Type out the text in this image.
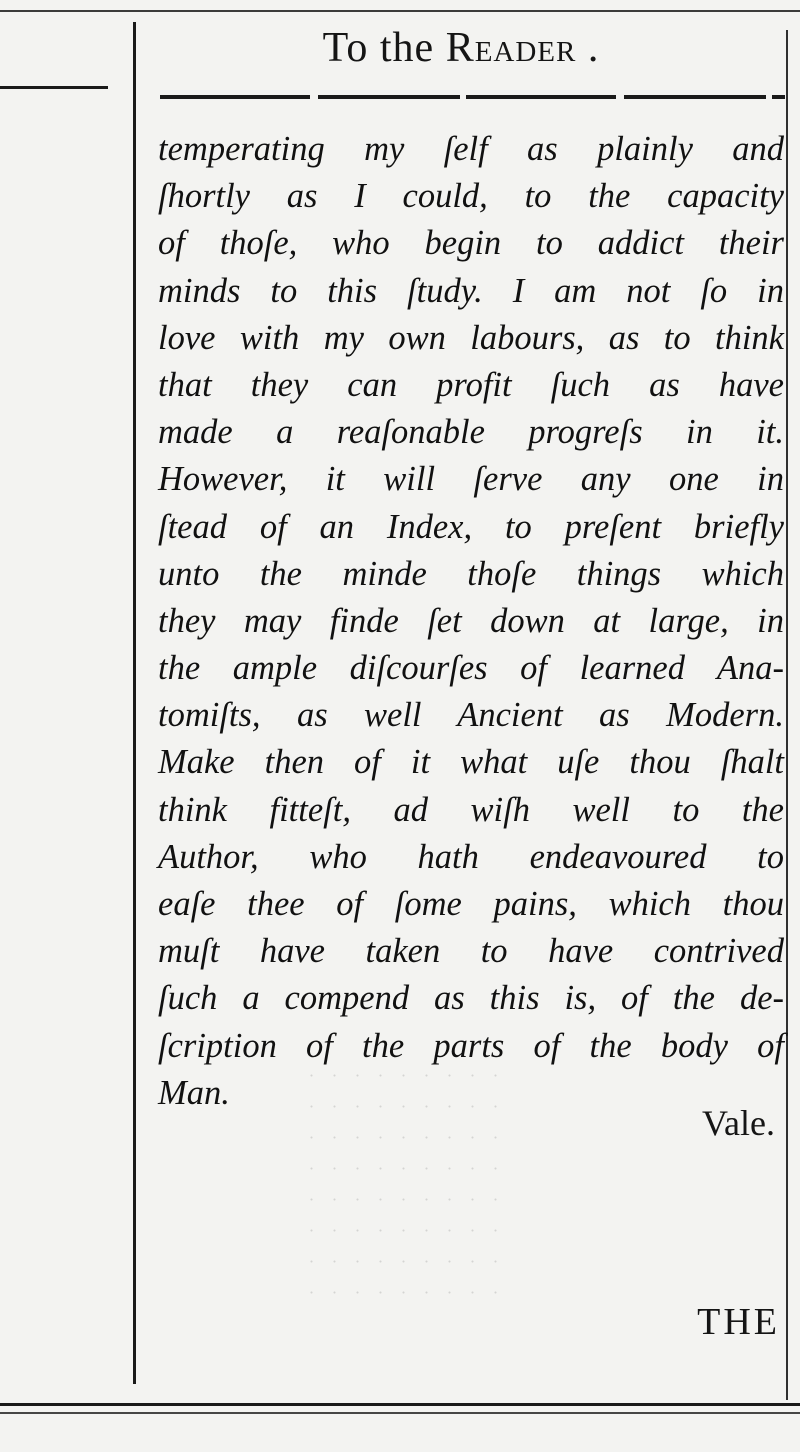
To the Reader .
temperating my ſelf as plainly and
ſhortly as I could, to the capacity
of thoſe, who begin to addict their
minds to this ſtudy. I am not ſo in
love with my own labours, as to think
that they can profit ſuch as have
made a reaſonable progreſs in it.
However, it will ſerve any one in
ſtead of an Index, to preſent briefly
unto the minde thoſe things which
they may finde ſet down at large, in
the ample diſcourſes of learned Ana-
tomiſts, as well Ancient as Modern.
Make then of it what uſe thou ſhalt
think fitteſt, ad wiſh well to the
Author, who hath endeavoured to
eaſe thee of ſome pains, which thou
muſt have taken to have contrived
ſuch a compend as this is, of the de-
ſcription of the parts of the body of
Man.
Vale.
THE
